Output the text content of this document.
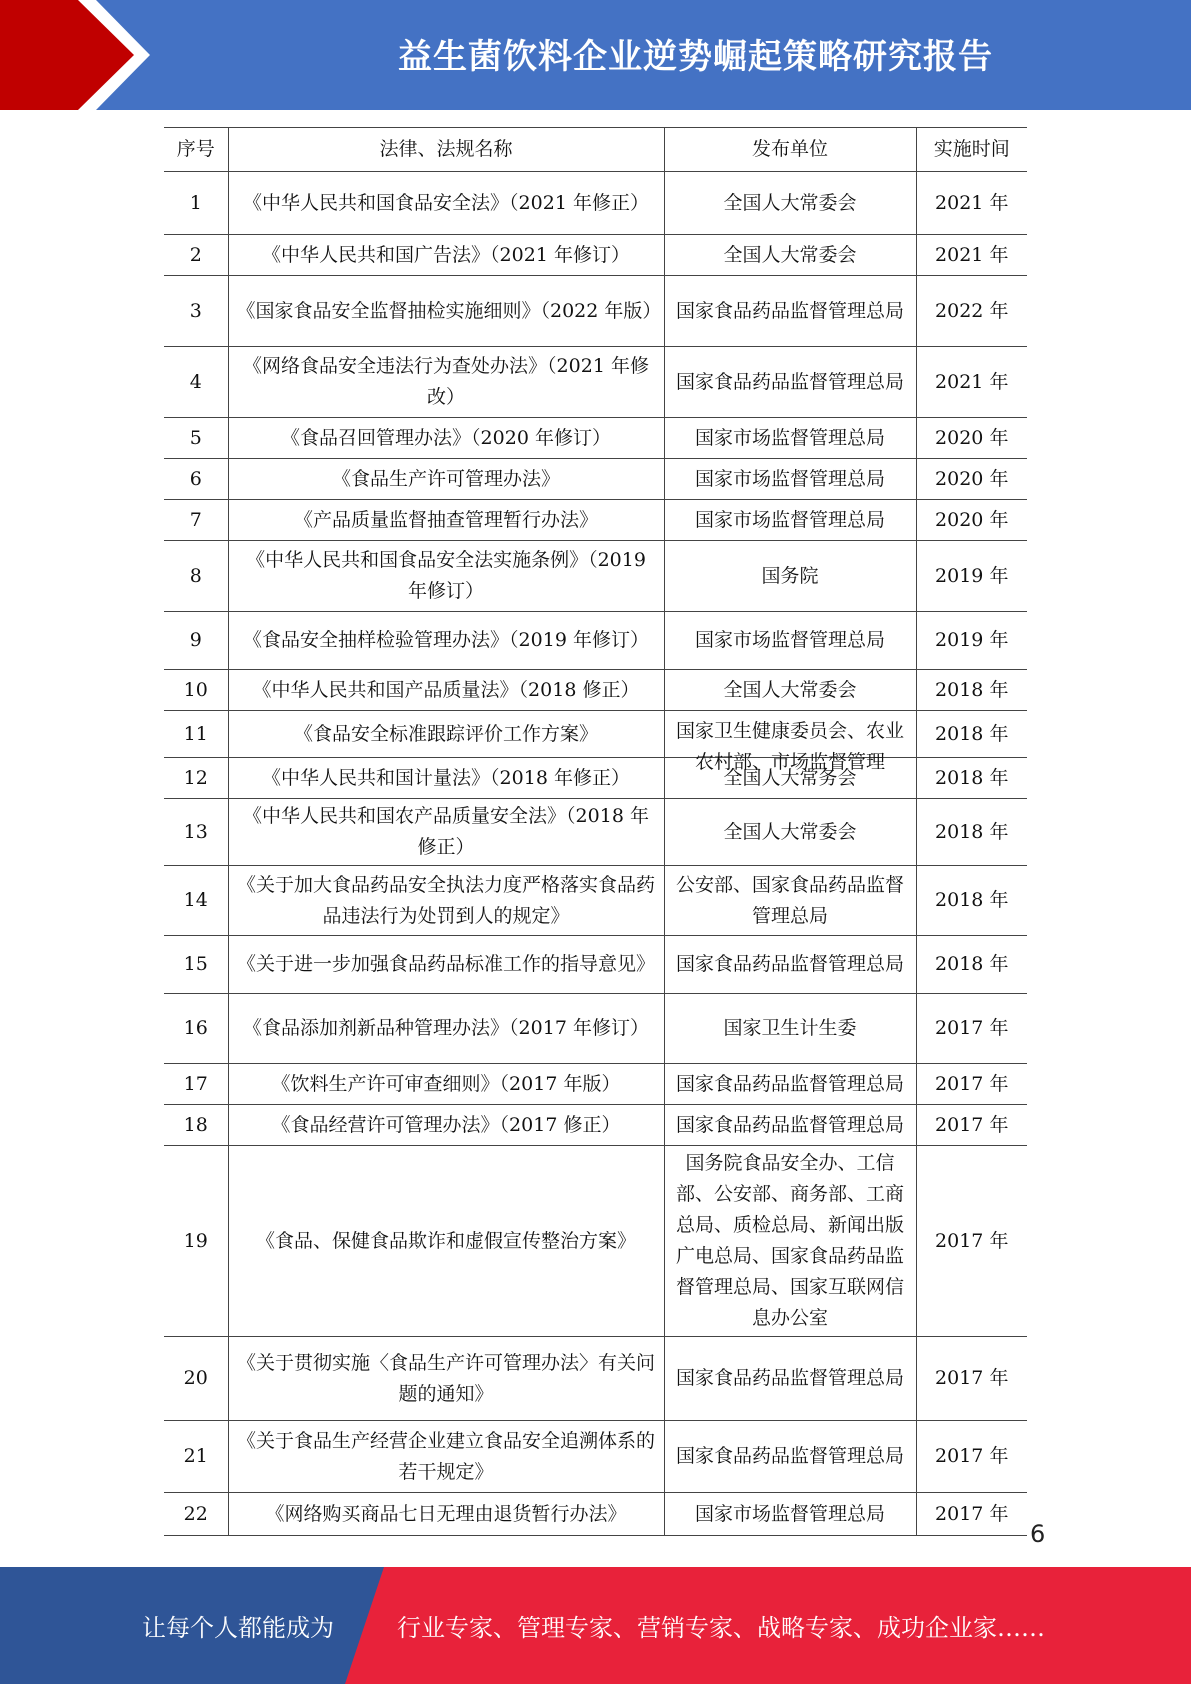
益生菌饮料企业逆势崛起策略研究报告
序号	法律、法规名称	发布单位	实施时间

1	《中华人民共和国食品安全法》（2021 年修正）	全国人大常委会	2021 年

2	《中华人民共和国广告法》（2021 年修订）	全国人大常委会	2021 年

3	《国家食品安全监督抽检实施细则》（2022 年版）	国家食品药品监督管理总局	2022 年

4	《网络食品安全违法行为查处办法》（2021 年修改）	国家食品药品监督管理总局	2021 年

5	《食品召回管理办法》（2020 年修订）	国家市场监督管理总局	2020 年

6	《食品生产许可管理办法》	国家市场监督管理总局	2020 年

7	《产品质量监督抽查管理暂行办法》	国家市场监督管理总局	2020 年

8	《中华人民共和国食品安全法实施条例》（2019 年修订）	国务院	2019 年

9	《食品安全抽样检验管理办法》（2019 年修订）	国家市场监督管理总局	2019 年

10	《中华人民共和国产品质量法》（2018 修正）	全国人大常委会	2018 年

11	《食品安全标准跟踪评价工作方案》	国家卫生健康委员会、农业农村部、市场监督管理	2018 年

12	《中华人民共和国计量法》（2018 年修正）	全国人大常务会	2018 年

13	《中华人民共和国农产品质量安全法》（2018 年修正）	全国人大常委会	2018 年

14	《关于加大食品药品安全执法力度严格落实食品药品违法行为处罚到人的规定》	公安部、国家食品药品监督管理总局	2018 年

15	《关于进一步加强食品药品标准工作的指导意见》	国家食品药品监督管理总局	2018 年

16	《食品添加剂新品种管理办法》（2017 年修订）	国家卫生计生委	2017 年

17	《饮料生产许可审查细则》（2017 年版）	国家食品药品监督管理总局	2017 年

18	《食品经营许可管理办法》（2017 修正）	国家食品药品监督管理总局	2017 年

19	《食品、保健食品欺诈和虚假宣传整治方案》	国务院食品安全办、工信部、公安部、商务部、工商总局、质检总局、新闻出版广电总局、国家食品药品监督管理总局、国家互联网信息办公室	2017 年

20	《关于贯彻实施〈食品生产许可管理办法〉有关问题的通知》	国家食品药品监督管理总局	2017 年

21	《关于食品生产经营企业建立食品安全追溯体系的若干规定》	国家食品药品监督管理总局	2017 年

22	《网络购买商品七日无理由退货暂行办法》	国家市场监督管理总局	2017 年
6
让每个人都能成为	行业专家、管理专家、营销专家、战略专家、成功企业家……
